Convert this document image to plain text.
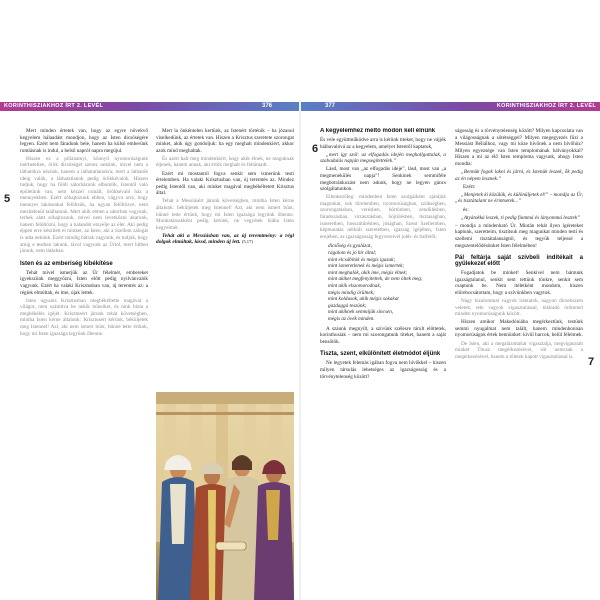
KORINTHISZIAKHOZ ÍRT 2. LEVÉL	376	377	KORINTHISZIAKHOZ ÍRT 2. LEVÉL
5
6
7

Mert minden értetek van, hogy az egyre növekvő kegyelem hálaadást mondjon, hogy az Isten dicsőségére legyen. Ezért nem fáradunk bele, hanem ha külső emberünk romlásnak is indul, a belső napról napra megújul.

Hiszen ez a pillanatnyi, könnyű nyomorúságunk mérhetetlen, örök dicsőséget szerez nekünk, mivel nem a láthatókra nézünk, hanem a láthatatlanokra; mert a láthatók ideig valók, a láthatatlanok pedig örökkévalók. Hiszen tudjuk, hogy ha földi sátorházunk elbomlik, Istentől való épületünk van, nem kézzel csinált, örökkévaló ház a mennyekben. Ezért sóhajtozunk ebben, vágyva arra, hogy mennyei lakásunkat felöltsük, ha ugyan felöltözve, nem mezítelenül találtatunk. Mert akik ebben a sátorban vagyunk, terhek alatt sóhajtozunk, mivel nem levetkőzni akarunk, hanem felöltözni, hogy a halandót elnyelje az élet. Aki pedig éppen erre készített el minket, az Isten, aki a Szellem zálogát is adta nekünk. Ezért mindig bátrak vagyunk, és tudjuk, hogy amíg e testben lakunk, távol vagyunk az Úrtól, mert hitben járunk, nem látásban.

Isten és az emberiség kibékítése

Tehát mivel ismerjük az Úr félelmét, embereket igyekszünk meggyőzni, Isten előtt pedig nyilvánvalók vagyunk. Ezért ha valaki Krisztusban van, új teremtés az: a régiek elmúltak, és íme, újak lettek.

Isten ugyanis Krisztusban megbékéltette magával a világot, nem számítva be nekik bűneiket, és ránk bízta a megbékélés igéjét. Krisztusért járunk tehát követségben, mintha Isten kérne általunk: Krisztusért kérünk, béküljetek meg Istennel! Azt, aki nem ismert bűnt, bűnné tette értünk, hogy mi Isten igazsága legyünk őbenne.

Mert la önkéntelen kertünk, az Istenért történik – ha józanul viselkedünk, az értetek van. Hiszen a Krisztus szeretete szorongat minket, akik úgy gondoljuk: ha egy meghalt mindenkiért, akkor azok mind meghaltak.

És azért halt meg mindenkiért, hogy akik élnek, ne maguknak éljenek, hanem annak, aki értük meghalt és feltámadt.

Ezért mi mostantól fogva senkit sem ismerünk testi értelemben. Ha valaki Krisztusban van, új teremtés az. Mindez pedig Istentől van, aki minket magával megbékéltetett Krisztus által.

Tehát a Messiásért járunk követségben, mintha Isten kérne általunk: béküljetek meg Istennel! Azt, aki nem ismert bűnt, bűnné tette értünk, hogy mi Isten igazsága legyünk őbenne. Munkatársakként pedig kérünk, ne vegyétek hiába Isten kegyelmét.

Tehát aki a Messiásban van, az új teremtmény: a régi dolgok elmúltak, lássd, minden új lett. (5,17)

A kegyelemhez méltó módon kell élnünk

És vele együttműködve arra is kérünk titeket, hogy ne vájjék hiábavalóvá az a kegyelem, amelyet Istentől kaptatok,

„mert így szól: az elfogadás idején meghallgattalak, a szabadulás napján megsegítettelek.”

Lásd, most van „az elfogadás ideje”, lásd, most van „a megmenekülés napja”! Senkinek semmiféle megbotránkozást nem adunk, hogy ne legyen gáncs szolgálatunkon.

Ellenkezőleg: mindenben Isten szolgáiként ajánljuk magunkat, sok türelemben, nyomorúságban, szükségben, szorongatásban, verésben, börtönben, zendülésben, fáradozásban, virrasztásban, böjtölésben, tisztaságban, ismeretben, hosszútűrésben, jóságban, Szent Szellemben, képmutatás nélküli szeretetben, igazság igéjében, Isten erejében, az igazságosság fegyvereivel jobb- és balfelől;

dicsőség és gyalázat,
rágalom és jó hír által;
mint elcsábítók és mégis igazak;
mint ismeretlenek és mégis ismertek;
mint meghalók, akik íme, mégis élnek;
mint akiket megfenyítettek, de nem öltek meg;
mint akik elszomorodnak,
mégis mindig örülnek;
mint koldusok, akik mégis sokakat
gazdaggá teszünk;
mint akiknek semmijük sincsen,
mégis az övék minden.

A száunk megnyílt, a szívünk szélesre tárult előttetek, korinthusiak – nem mi szorongatunk titeket, hanem a saját bensőtök.

Tiszta, szent, elkülönített életmódot éljünk

Ne legyetek felemás igában fogva nem hívőkkel – hiszen milyen társulás lehetséges az igazságosság és a törvénytelenség között?

ságosság és a törvénytelenség között? Milyen kapcsolata van a világosságnak a sötétséggel? Milyen megegyezés fűzi a Messiást Béliálhoz, vagy mi köze hívőnek a nem hívőhöz? Milyen egyezsége van Isten templomának bálványokkal? Hiszen a mi az élő Isten temploma vagyunk, ahogy Isten mondta:

„Bennük fogok lakni és járni, és Istenük leszek, ők pedig az én népem lesznek.”

Ezért:

„Menjetek ki közülük, és különüljetek el!” – mondja az Úr, „és tisztátalant ne érintsetek...”

és:

„Atyátokká leszek, ti pedig fiammá és lányommá lesztek”

– mondja a mindenható Úr. Miután tehát ilyen ígéreteket kaptunk, szeretteim, tisztítsuk meg magunkat minden testi és szellemi tisztátalanságtól, és tegyük teljessé a megszentelődésünket Isten félelmében!

Pál feltárja saját szívbeli indítékait a gyülekezet előtt

Fogadjatok be minket! Senkivel nem bántunk igazságtalanul, senkit sem tettünk tönkre, senkit sem csaptunk be. Nem ítéletként mondom, hiszen előrebocsátottam, hogy a szívünkben vagytok.

Nagy bizalommal vagyok irántatok, nagyon dicsekszem veletek; tele vagyok vigasztalással, túláradó örömmel minden nyomorúságunk között.

Hiszen amikor Makedóniába megérkeztünk, testünk semmi nyugalmat nem talált, hanem mindenhonnan nyomorúságok értek bennünket: kívül harcok, belül félelmek.

De Isten, aki a megalázottakat vigasztalja, megvigasztalt minket Titusz megérkezésével, sőt nemcsak a megérkezésével, hanem a tőletek kapott vigasztalással is.
